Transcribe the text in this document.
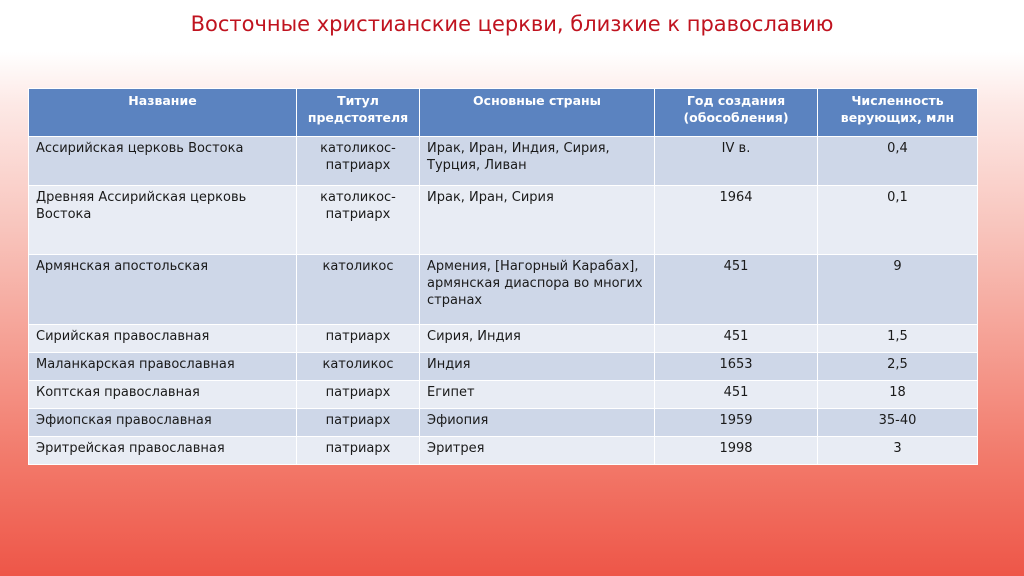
Восточные христианские церкви, близкие к православию
Название	Титул предстоятеля	Основные страны	Год создания (обособления)	Численность верующих, млн
Ассирийская церковь Востока	католикос-патриарх	Ирак, Иран, Индия, Сирия, Турция, Ливан	IV в.	0,4
Древняя Ассирийская церковь Востока	католикос-патриарх	Ирак, Иран, Сирия	1964	0,1
Армянская апостольская	католикос	Армения, [Нагорный Карабах], армянская диаспора во многих странах	451	9
Сирийская православная	патриарх	Сирия, Индия	451	1,5
Маланкарская православная	католикос	Индия	1653	2,5
Коптская православная	патриарх	Египет	451	18
Эфиопская православная	патриарх	Эфиопия	1959	35-40
Эритрейская православная	патриарх	Эритрея	1998	3
